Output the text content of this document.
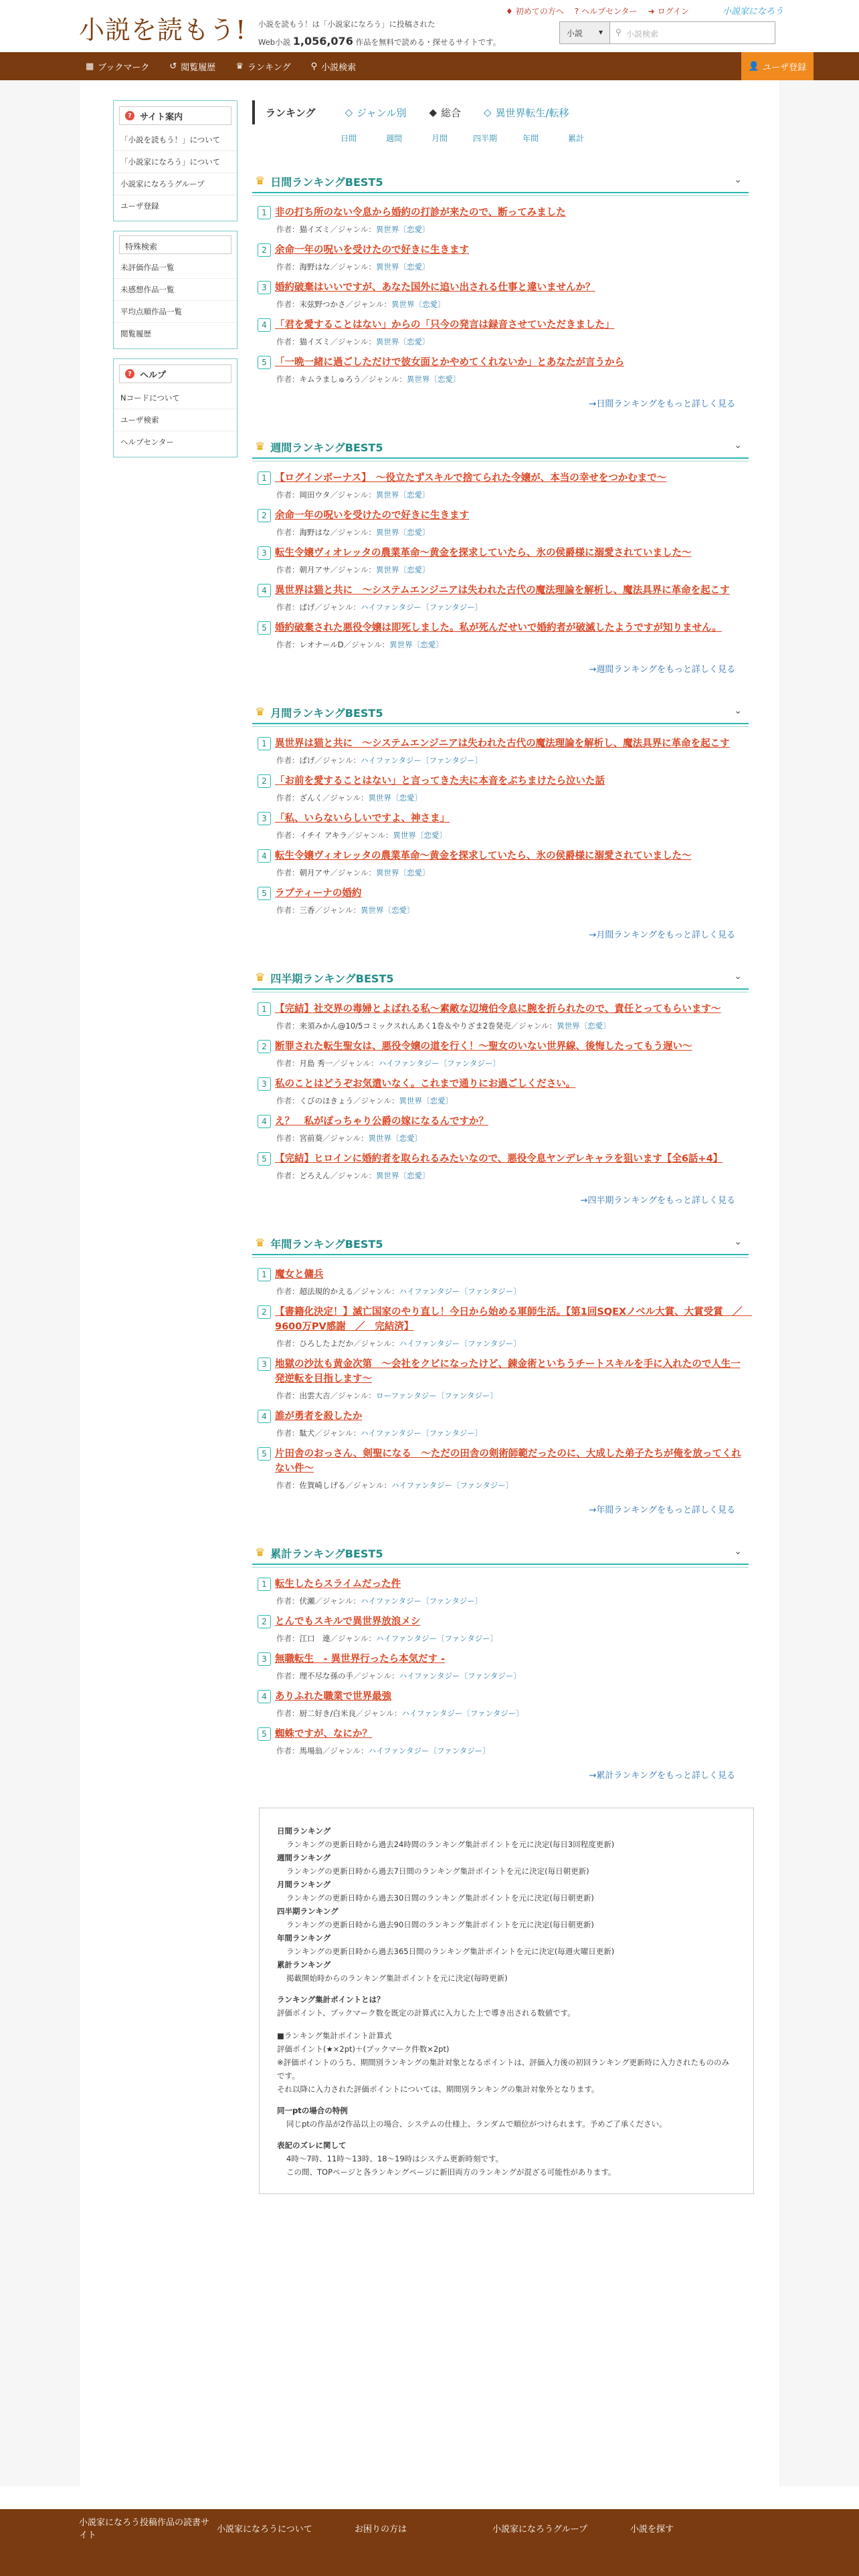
小説を読もう! 小説を読もう！は「小説家になろう」に投稿された
Web小説 1,056,076 作品を無料で読める・探せるサイトです。
♦ 初めての方へ ? ヘルプセンター ➜ ログイン	小説家になろう
小説 ▾ ⚲ 小説検索
▦ ブックマーク ↺ 閲覧履歴 ♛ ランキング ⚲ 小説検索	👤 ユーザ登録
? サイト案内
「小説を読もう！」について
「小説家になろう」について
小説家になろうグループ
ユーザ登録
特殊検索
未評価作品一覧
未感想作品一覧
平均点順作品一覧
閲覧履歴
? ヘルプ
Nコードについて
ユーザ検索
ヘルプセンター
ランキング	◇ ジャンル別 ◆ 総合 ◇ 異世界転生/転移
日間	週間	月間	四半期	年間	累計
♛ 日間ランキングBEST5	⌄
1 非の打ち所のない令息から婚約の打診が来たので、断ってみました
作者：猫イズミ／ジャンル：異世界〔恋愛〕
2 余命一年の呪いを受けたので好きに生きます
作者：海野はな／ジャンル：異世界〔恋愛〕
3 婚約破棄はいいですが、あなた国外に追い出される仕事と違いませんか？
作者：末弦野つかさ／ジャンル：異世界〔恋愛〕
4 「君を愛することはない」からの「只今の発言は録音させていただきました」
作者：猫イズミ／ジャンル：異世界〔恋愛〕
5 「一晩一緒に過ごしただけで彼女面とかやめてくれないか」とあなたが言うから
作者：キムラましゅろう／ジャンル：異世界〔恋愛〕
→日間ランキングをもっと詳しく見る
♛ 週間ランキングBEST5	⌄
1 【ログインボーナス】　～役立たずスキルで捨てられた令嬢が、本当の幸せをつかむまで～
作者：岡田ウタ／ジャンル：異世界〔恋愛〕
2 余命一年の呪いを受けたので好きに生きます
作者：海野はな／ジャンル：異世界〔恋愛〕
3 転生令嬢ヴィオレッタの農業革命～黄金を探求していたら、氷の侯爵様に溺愛されていました～
作者：朝月アサ／ジャンル：異世界〔恋愛〕
4 異世界は猫と共に　～システムエンジニアは失われた古代の魔法理論を解析し、魔法具界に革命を起こす
作者：ぱげ／ジャンル：ハイファンタジー〔ファンタジー〕
5 婚約破棄された悪役令嬢は即死しました。私が死んだせいで婚約者が破滅したようですが知りません。
作者：レオナールD／ジャンル：異世界〔恋愛〕
→週間ランキングをもっと詳しく見る
♛ 月間ランキングBEST5	⌄
1 異世界は猫と共に　～システムエンジニアは失われた古代の魔法理論を解析し、魔法具界に革命を起こす
作者：ぱげ／ジャンル：ハイファンタジー〔ファンタジー〕
2 「お前を愛することはない」と言ってきた夫に本音をぶちまけたら泣いた話
作者：ざんく／ジャンル：異世界〔恋愛〕
3 「私、いらないらしいですよ、神さま」
作者：イチイ アキラ／ジャンル：異世界〔恋愛〕
4 転生令嬢ヴィオレッタの農業革命～黄金を探求していたら、氷の侯爵様に溺愛されていました～
作者：朝月アサ／ジャンル：異世界〔恋愛〕
5 ラプティーナの婚約
作者：三香／ジャンル：異世界〔恋愛〕
→月間ランキングをもっと詳しく見る
♛ 四半期ランキングBEST5	⌄
1 【完結】社交界の毒婦とよばれる私～素敵な辺境伯令息に腕を折られたので、責任とってもらいます～
作者：来須みかん@10/5コミックスれんあく1巻＆やりざま2巻発売／ジャンル：異世界〔恋愛〕
2 断罪された転生聖女は、悪役令嬢の道を行く！～聖女のいない世界線、後悔したってもう遅い～
作者：月島 秀一／ジャンル：ハイファンタジー〔ファンタジー〕
3 私のことはどうぞお気遣いなく。これまで通りにお過ごしください。
作者：くびのほきょう／ジャンル：異世界〔恋愛〕
4 え？　私がぽっちゃり公爵の嫁になるんですか？
作者：宮前葵／ジャンル：異世界〔恋愛〕
5 【完結】ヒロインに婚約者を取られるみたいなので、悪役令息ヤンデレキャラを狙います【全6話+4】
作者：どろえん／ジャンル：異世界〔恋愛〕
→四半期ランキングをもっと詳しく見る
♛ 年間ランキングBEST5	⌄
1 魔女と傭兵
作者：超法規的かえる／ジャンル：ハイファンタジー〔ファンタジー〕
2 【書籍化決定！】滅亡国家のやり直し！今日から始める軍師生活。【第1回SQEXノベル大賞、大賞受賞　／　9600万PV感謝　／　完結済】
作者：ひろしたよだか／ジャンル：ハイファンタジー〔ファンタジー〕
3 地獄の沙汰も黄金次第　～会社をクビになったけど、錬金術といちうチートスキルを手に入れたので人生一発逆転を目指します～
作者：出雲大吉／ジャンル：ローファンタジー〔ファンタジー〕
4 誰が勇者を殺したか
作者：駄犬／ジャンル：ハイファンタジー〔ファンタジー〕
5 片田舎のおっさん、剣聖になる　～ただの田舎の剣術師範だったのに、大成した弟子たちが俺を放ってくれない件～
作者：佐賀崎しげる／ジャンル：ハイファンタジー〔ファンタジー〕
→年間ランキングをもっと詳しく見る
♛ 累計ランキングBEST5	⌄
1 転生したらスライムだった件
作者：伏瀬／ジャンル：ハイファンタジー〔ファンタジー〕
2 とんでもスキルで異世界放浪メシ
作者：江口　連／ジャンル：ハイファンタジー〔ファンタジー〕
3 無職転生　- 異世界行ったら本気だす -
作者：理不尽な孫の手／ジャンル：ハイファンタジー〔ファンタジー〕
4 ありふれた職業で世界最強
作者：厨二好き/白米良／ジャンル：ハイファンタジー〔ファンタジー〕
5 蜘蛛ですが、なにか？
作者：馬場翁／ジャンル：ハイファンタジー〔ファンタジー〕
→累計ランキングをもっと詳しく見る
日間ランキング
ランキングの更新日時から過去24時間のランキング集計ポイントを元に決定(毎日3回程度更新)
週間ランキング
ランキングの更新日時から過去7日間のランキング集計ポイントを元に決定(毎日朝更新)
月間ランキング
ランキングの更新日時から過去30日間のランキング集計ポイントを元に決定(毎日朝更新)
四半期ランキング
ランキングの更新日時から過去90日間のランキング集計ポイントを元に決定(毎日朝更新)
年間ランキング
ランキングの更新日時から過去365日間のランキング集計ポイントを元に決定(毎週火曜日更新)
累計ランキング
掲載開始時からのランキング集計ポイントを元に決定(毎時更新)
ランキング集計ポイントとは？
評価ポイント、ブックマーク数を既定の計算式に入力した上で導き出される数値です。
■ランキング集計ポイント計算式
評価ポイント(★×2pt)＋(ブックマーク件数×2pt)
※評価ポイントのうち、期間別ランキングの集計対象となるポイントは、評価入力後の初回ランキング更新時に入力されたもののみです。
それ以降に入力された評価ポイントについては、期間別ランキングの集計対象外となります。
同一ptの場合の特例
同じptの作品が2作品以上の場合、システムの仕様上、ランダムで順位がつけられます。予めご了承ください。
表記のズレに関して
4時～7時、11時～13時、18～19時はシステム更新時刻です。
この間、TOPページと各ランキングページに新旧両方のランキングが混ざる可能性があります。
小説家になろう投稿作品の読書サイト
小説家になろうについて	お困りの方は	小説家になろうグループ	小説を探す
